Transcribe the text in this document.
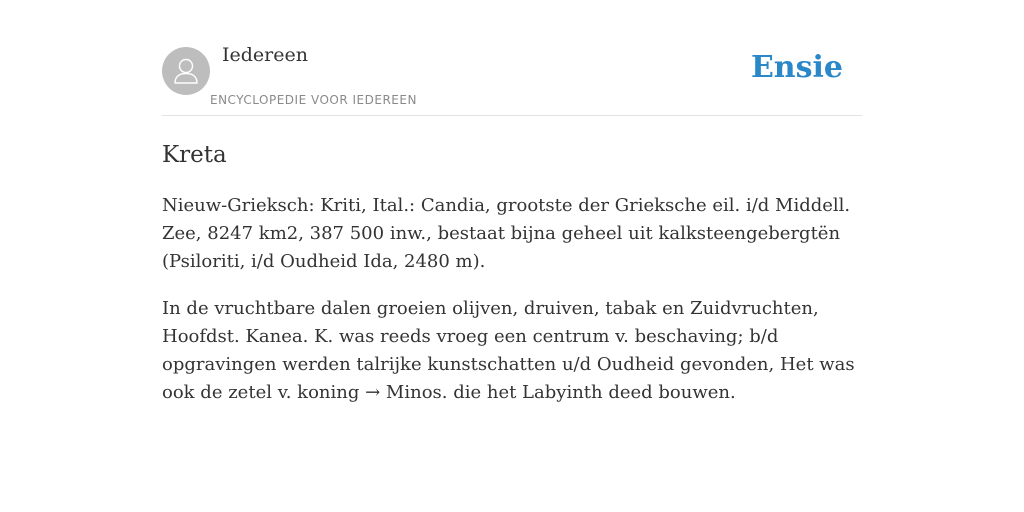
Iedereen
ENCYCLOPEDIE VOOR IEDEREEN
Ensie
Kreta

Nieuw-Grieksch: Kriti, Ital.: Candia, grootste der Grieksche eil. i/d Middell. Zee, 8247 km2, 387 500 inw., bestaat bijna geheel uit kalksteengebergtën (Psiloriti, i/d Oudheid Ida, 2480 m).

In de vruchtbare dalen groeien olijven, druiven, tabak en Zuidvruchten, Hoofdst. Kanea. K. was reeds vroeg een centrum v. beschaving; b/d opgravingen werden talrijke kunstschatten u/d Oudheid gevonden, Het was ook de zetel v. koning → Minos. die het Labyinth deed bouwen.
